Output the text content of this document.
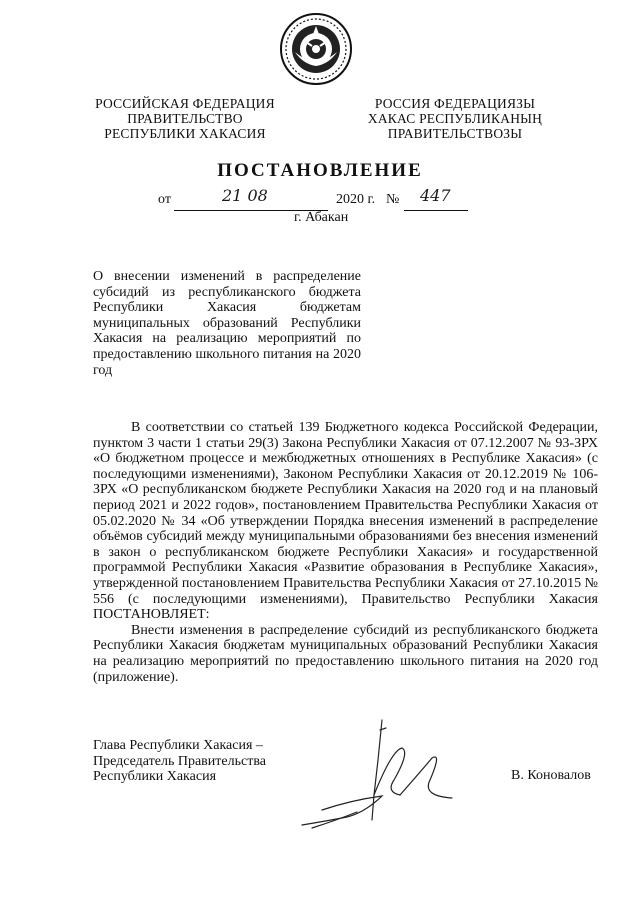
РОССИЙСКАЯ ФЕДЕРАЦИЯ
ПРАВИТЕЛЬСТВО
РЕСПУБЛИКИ ХАКАСИЯ
РОССИЯ ФЕДЕРАЦИЯЗЫ
ХАКАС РЕСПУБЛИКАНЫҢ
ПРАВИТЕЛЬСТВОЗЫ
ПОСТАНОВЛЕНИЕ
от	21 08	2020 г. № 447
г. Абакан
О внесении изменений в распределение субсидий из республиканского бюджета Республики Хакасия бюджетам муниципальных образований Республики Хакасия на реализацию мероприятий по предоставлению школьного питания на 2020 год

В соответствии со статьей 139 Бюджетного кодекса Российской Федерации, пунктом 3 части 1 статьи 29(3) Закона Республики Хакасия от 07.12.2007 № 93-ЗРХ «О бюджетном процессе и межбюджетных отношениях в Республике Хакасия» (с последующими изменениями), Законом Республики Хакасия от 20.12.2019 № 106-ЗРХ «О республиканском бюджете Республики Хакасия на 2020 год и на плановый период 2021 и 2022 годов», постановлением Правительства Республики Хакасия от 05.02.2020 № 34 «Об утверждении Порядка внесения изменений в распределение объёмов субсидий между муниципальными образованиями без внесения изменений в закон о республиканском бюджете Республики Хакасия» и государственной программой Республики Хакасия «Развитие образования в Республике Хакасия», утвержденной постановлением Правительства Республики Хакасия от 27.10.2015 № 556 (с последующими изменениями), Правительство Республики Хакасия ПОСТАНОВЛЯЕТ:

Внести изменения в распределение субсидий из республиканского бюджета Республики Хакасия бюджетам муниципальных образований Республики Хакасия на реализацию мероприятий по предоставлению школьного питания на 2020 год (приложение).

Глава Республики Хакасия –
Председатель Правительства
Республики Хакасия	В. Коновалов
